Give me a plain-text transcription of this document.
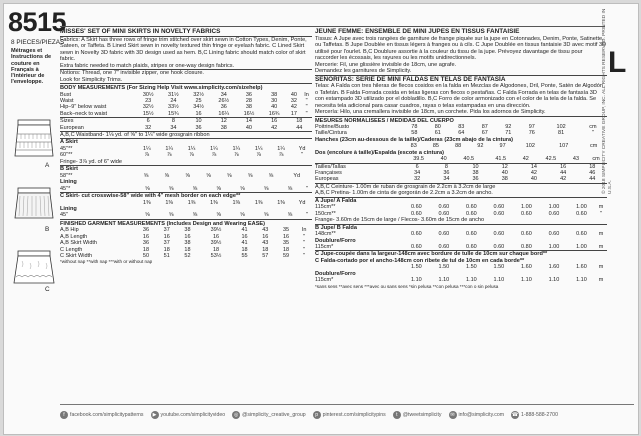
8515
8 PIECES/PIEZAS
Métrages et Instructions de couture en Français à l'intérieur de l'enveloppe.
A
B
C
MISSES' SET OF MINI SKIRTS IN NOVELTY FABRICS
Fabrics: A Skirt has three rows of fringe trim stitched over skirt sewn in Cotton Types, Denim, Ponte, Sateen, or Taffeta. B Lined Skirt sewn in novelty textured thin fringe or eyelash fabric. C Lined Skirt sewn in Novelty 3D fabric with 3D design used as hem. B,C Lining fabric should match color of skirt fabric.
Extra fabric needed to match plaids, stripes or one-way design fabrics.
Notions: Thread, one 7" invisible zipper, one hook closure.
Look for Simplicity Trims.
BODY MEASUREMENTS (For Sizing Help Visit www.simplicity.com/sizehelp)
Bust	30½	31½	32½	34	36	38	40	In
Waist	23	24	25	26½	28	30	32	"
Hip–9" below waist	32½	33½	34½	36	38	40	42	"
Back–neck to waist	15½	15¾	16	16¼	16½	16¾	17	"
Sizes	6	8	10	12	14	16	18	
European	32	34	36	38	40	42	44	
A,B,C Waistband- 1⅛ yd. of ⅝" to 1¼" wide grosgrain ribbon
A Skirt
45"**	1¼	1¼	1¼	1¼	1¼	1¼	1¼	Yd
60"**	⅞	⅞	⅞	⅞	⅞	⅞	⅞	"
Fringe- 3⅞ yd. of 6" wide
B Skirt
58"**	⅝	⅝	⅝	⅝	⅝	⅝	⅝	Yd
Lining
45"*	⅝	⅝	⅝	⅝	⅝	⅝	⅝	"
C Skirt- cut crosswise-58" wide with 4" mesh border on each edge**
	1⅜	1⅜	1⅜	1⅜	1⅜	1⅜	1⅜	Yd
Lining
45"	⅝	⅝	⅝	⅝	⅝	⅝	⅝	"
FINISHED GARMENT MEASUREMENTS (Includes Design and Wearing EASE)
A,B Hip	36	37	38	39½	41	43	35	In
A,B Length	16	16	16	16	16	16	16	"
A,B Skirt Width	36	37	38	39½	41	43	35	"
C Length	18	18	18	18	18	18	18	"
C Skirt Width	50	51	52	53½	55	57	59	"
*without nap **with nap ***with or without nap
JEUNE FEMME: ENSEMBLE DE MINI JUPES EN TISSUS FANTAISIE
Tissus: A Jupe avec trois rangées de garniture de frange piquée sur la jupe en Cotonnades, Denim, Ponte, Satinette, ou Taffetas. B Jupe Doublée en tissus légers à franges ou à cils. C Jupe Doublée en tissus fantaisie 3D avec motif 3D utilisé pour l'ourlet. B,C Doublure assortie à la couleur du tissu de la jupe. Prévoyez davantage de tissu pour raccorder les écossais, les rayures ou les motifs unidirectionnels.
Mercerie: Fil, une glissière invisible de 18cm, une agrafe.
Demandez les garnitures de Simplicity.
SEÑORITAS: SERIE DE MINI FALDAS EN TELAS DE FANTASÍA
Telas: A Falda con tres hileras de flecos cosidos en la falda en Mezclas de Algodones, Dril, Ponte, Satén de Algodón o Tafetán. B Falda Forrada cosida en telas ligeras con flecos o pestañas. C Falda Forrada en telas de fantasía 3D con estampado 3D utilizado por el dobladillo. B,C Forro de color armonizado con el color de la tela de la falda. Se necesita tela adicional para casar cuadros, rayas o telas estampadas en una dirección.
Mercería: Hilo, una cremallera invisible de 18cm, un corchete. Pida los adornos de Simplicity.
MESURES NORMALISEES / MEDIDAS DEL CUERPO
Poitrine/Busto	78	80	83	87	92	97	102	cm
Taille/Cintura	58	61	64	67	71	76	81	"
Hanches (23cm au-dessous de la taille)/Caderas (23cm abajo de la cintura)
	83	85	88	92	97	102	107	cm
Dos (encolure à taille)/Espalda (escote a cintura)
	39.5	40	40.5	41.5	42	42.5	43	cm
Tailles/Tallas	6	8	10	12	14	16	18	
Françaises	34	36	38	40	42	44	46	
Europeas	32	34	36	38	40	42	44	
A,B,C Ceinture- 1.00m de ruban de grosgrain de 2.2cm à 3.2cm de large
A,B,C Pretina- 1.00m de cinta de gorgorán de 2.2cm a 3.2cm de ancho.
A Jupe/ A Falda
115cm**	0.60	0.60	0.60	0.60	1.00	1.00	1.00	m
150cm**	0.60	0.60	0.60	0.60	0.60	0.60	0.60	"
Frange- 3.60m de 15cm de large / Flecos- 3.60m de 15cm de ancho
B Jupe/ B Falda
148cm**	0.60	0.60	0.60	0.60	0.60	0.60	0.60	m
Doublure/Forro
115cm*	0.60	0.60	0.60	0.60	0.80	1.00	1.00	m
C Jupe-coupée dans la largeur-148cm avec bordure de tulle de 10cm sur chaque bord**
C Falda-cortado por el ancho-148cm con ribete de tul de 10cm en cada borde**
	1.50	1.50	1.50	1.50	1.60	1.60	1.60	m
Doublure/Forro
115cm*	1.10	1.10	1.10	1.10	1.10	1.10	1.10	m
*sans sens **avec sens ***avec ou sans sens *sin pelusa **con pelusa ***con o sin pelusa
L
© 2018 SIMPLICITY CREATIVE GROUP, INC. ALL RIGHTS RESERVED. PRINTED IN U.S.A.
f	facebook.com/simplicitypatterns	▶ youtube.com/simplicityvideo	◎ @simplicity_creative_group	p pinterest.com/simplicitypins	t	@tweetsimplicity	✉ info@simplicity.com ☎ 1-888-588-2700
